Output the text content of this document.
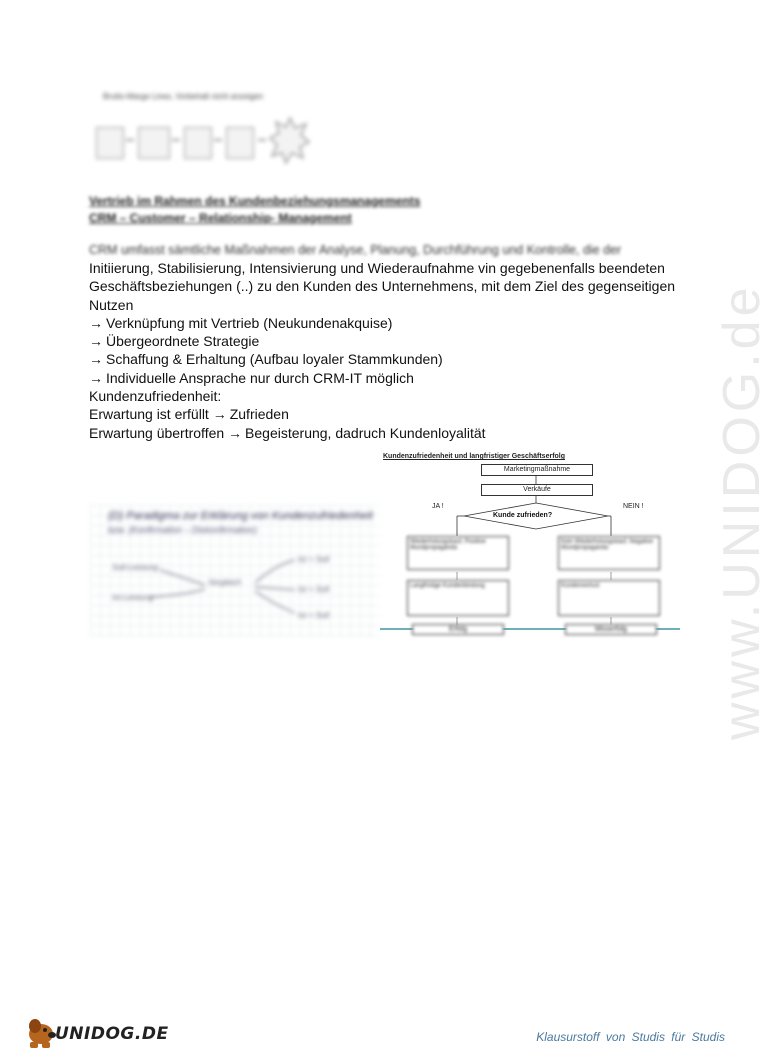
www.UNIDOG.de
Brutto-Marge Lines, Vorbehalt nicht anzeigen
Vertrieb im Rahmen des Kundenbeziehungsmanagements
CRM – Customer – Relationship- Management
CRM umfasst sämtliche Maßnahmen der Analyse, Planung, Durchführung und Kontrolle, die der
Initiierung, Stabilisierung, Intensivierung und Wiederaufnahme vin gegebenenfalls beendeten
Geschäftsbeziehungen (..) zu den Kunden des Unternehmens, mit dem Ziel des gegenseitigen
Nutzen
→ Verknüpfung mit Vertrieb (Neukundenakquise)
→ Übergeordnete Strategie
→ Schaffung & Erhaltung (Aufbau loyaler Stammkunden)
→ Individuelle Ansprache nur durch CRM-IT möglich
Kundenzufriedenheit:
Erwartung ist erfüllt → Zufrieden
Erwartung übertroffen → Begeisterung, dadruch Kundenloyalität
(D) Paradigma zur Erklärung von Kundenzufriedenheit
bzw. (Konfirmation – Diskonfirmation)
Soll-Leistung
Ist-Leistung
Vergleich
Ist > Soll
Ist = Soll
Ist < Soll
Kundenzufriedenheit und langfristiger Geschäftserfolg
Marketingmaßnahme
Verkäufe
JA !	NEIN !
Kunde zufrieden?
Wiederholungskauf, Positive Mundpropaganda
Langfristige Kundenbindung
Kein Wiederholungskauf, Negative Mundpropaganda
Kundenverlust
Erfolg	Misserfolg
UNIDOG.DE	Klausurstoff von Studis für Studis
